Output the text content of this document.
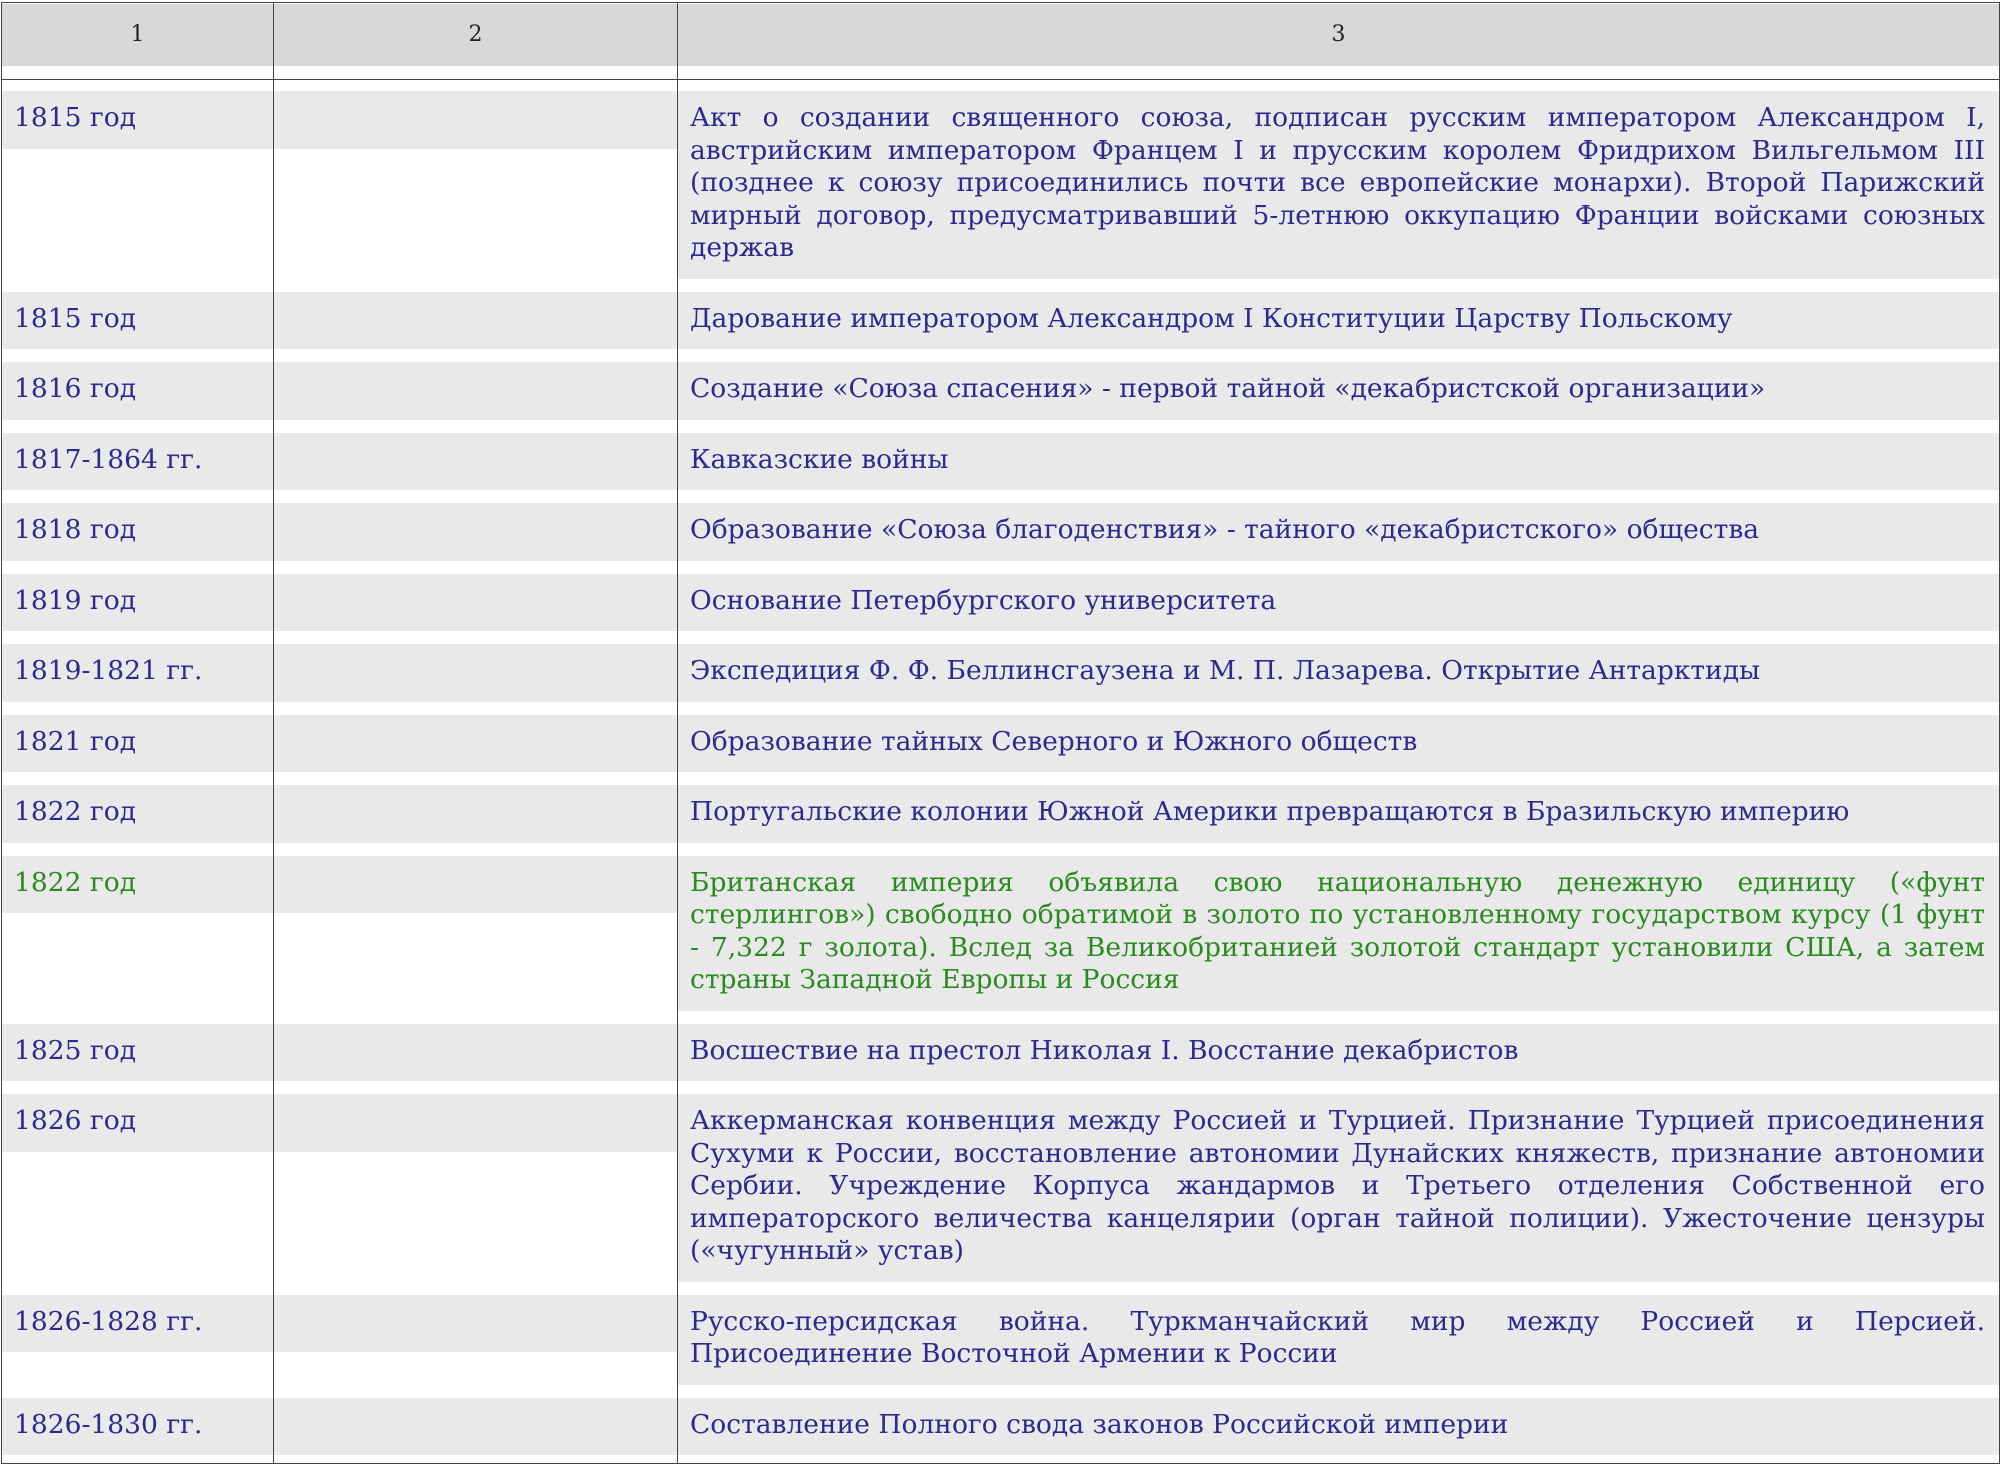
1	2	3

1815 год		Акт о создании священного союза, подписан русским императором Александром I, австрийским императором Францем I и прусским королем Фридрихом Вильгельмом III (позднее к союзу присоединились почти все европейские монархи). Второй Парижский мирный договор, предусматривавший 5-летнюю оккупацию Франции войсками союзных держав

1815 год		Дарование императором Александром I Конституции Царству Польскому

1816 год		Создание «Союза спасения» - первой тайной «декабристской организации»

1817-1864 гг.		Кавказские войны

1818 год		Образование «Союза благоденствия» - тайного «декабристского» общества

1819 год		Основание Петербургского университета

1819-1821 гг.		Экспедиция Ф. Ф. Беллинсгаузена и М. П. Лазарева. Открытие Антарктиды

1821 год		Образование тайных Северного и Южного обществ

1822 год		Португальские колонии Южной Америки превращаются в Бразильскую империю

1822 год		Британская империя объявила свою национальную денежную единицу («фунт стерлингов») свободно обратимой в золото по установленному государством курсу (1 фунт - 7,322 г золота). Вслед за Великобританией золотой стандарт установили США, а затем страны Западной Европы и Россия

1825 год		Восшествие на престол Николая I. Восстание декабристов

1826 год		Аккерманская конвенция между Россией и Турцией. Признание Турцией присоединения Сухуми к России, восстановление автономии Дунайских княжеств, признание автономии Сербии. Учреждение Корпуса жандармов и Третьего отделения Собственной его императорского величества канцелярии (орган тайной полиции). Ужесточение цензуры («чугунный» устав)

1826-1828 гг.		Русско-персидская война. Туркманчайский мир между Россией и Персией. Присоединение Восточной Армении к России

1826-1830 гг.		Составление Полного свода законов Российской империи
